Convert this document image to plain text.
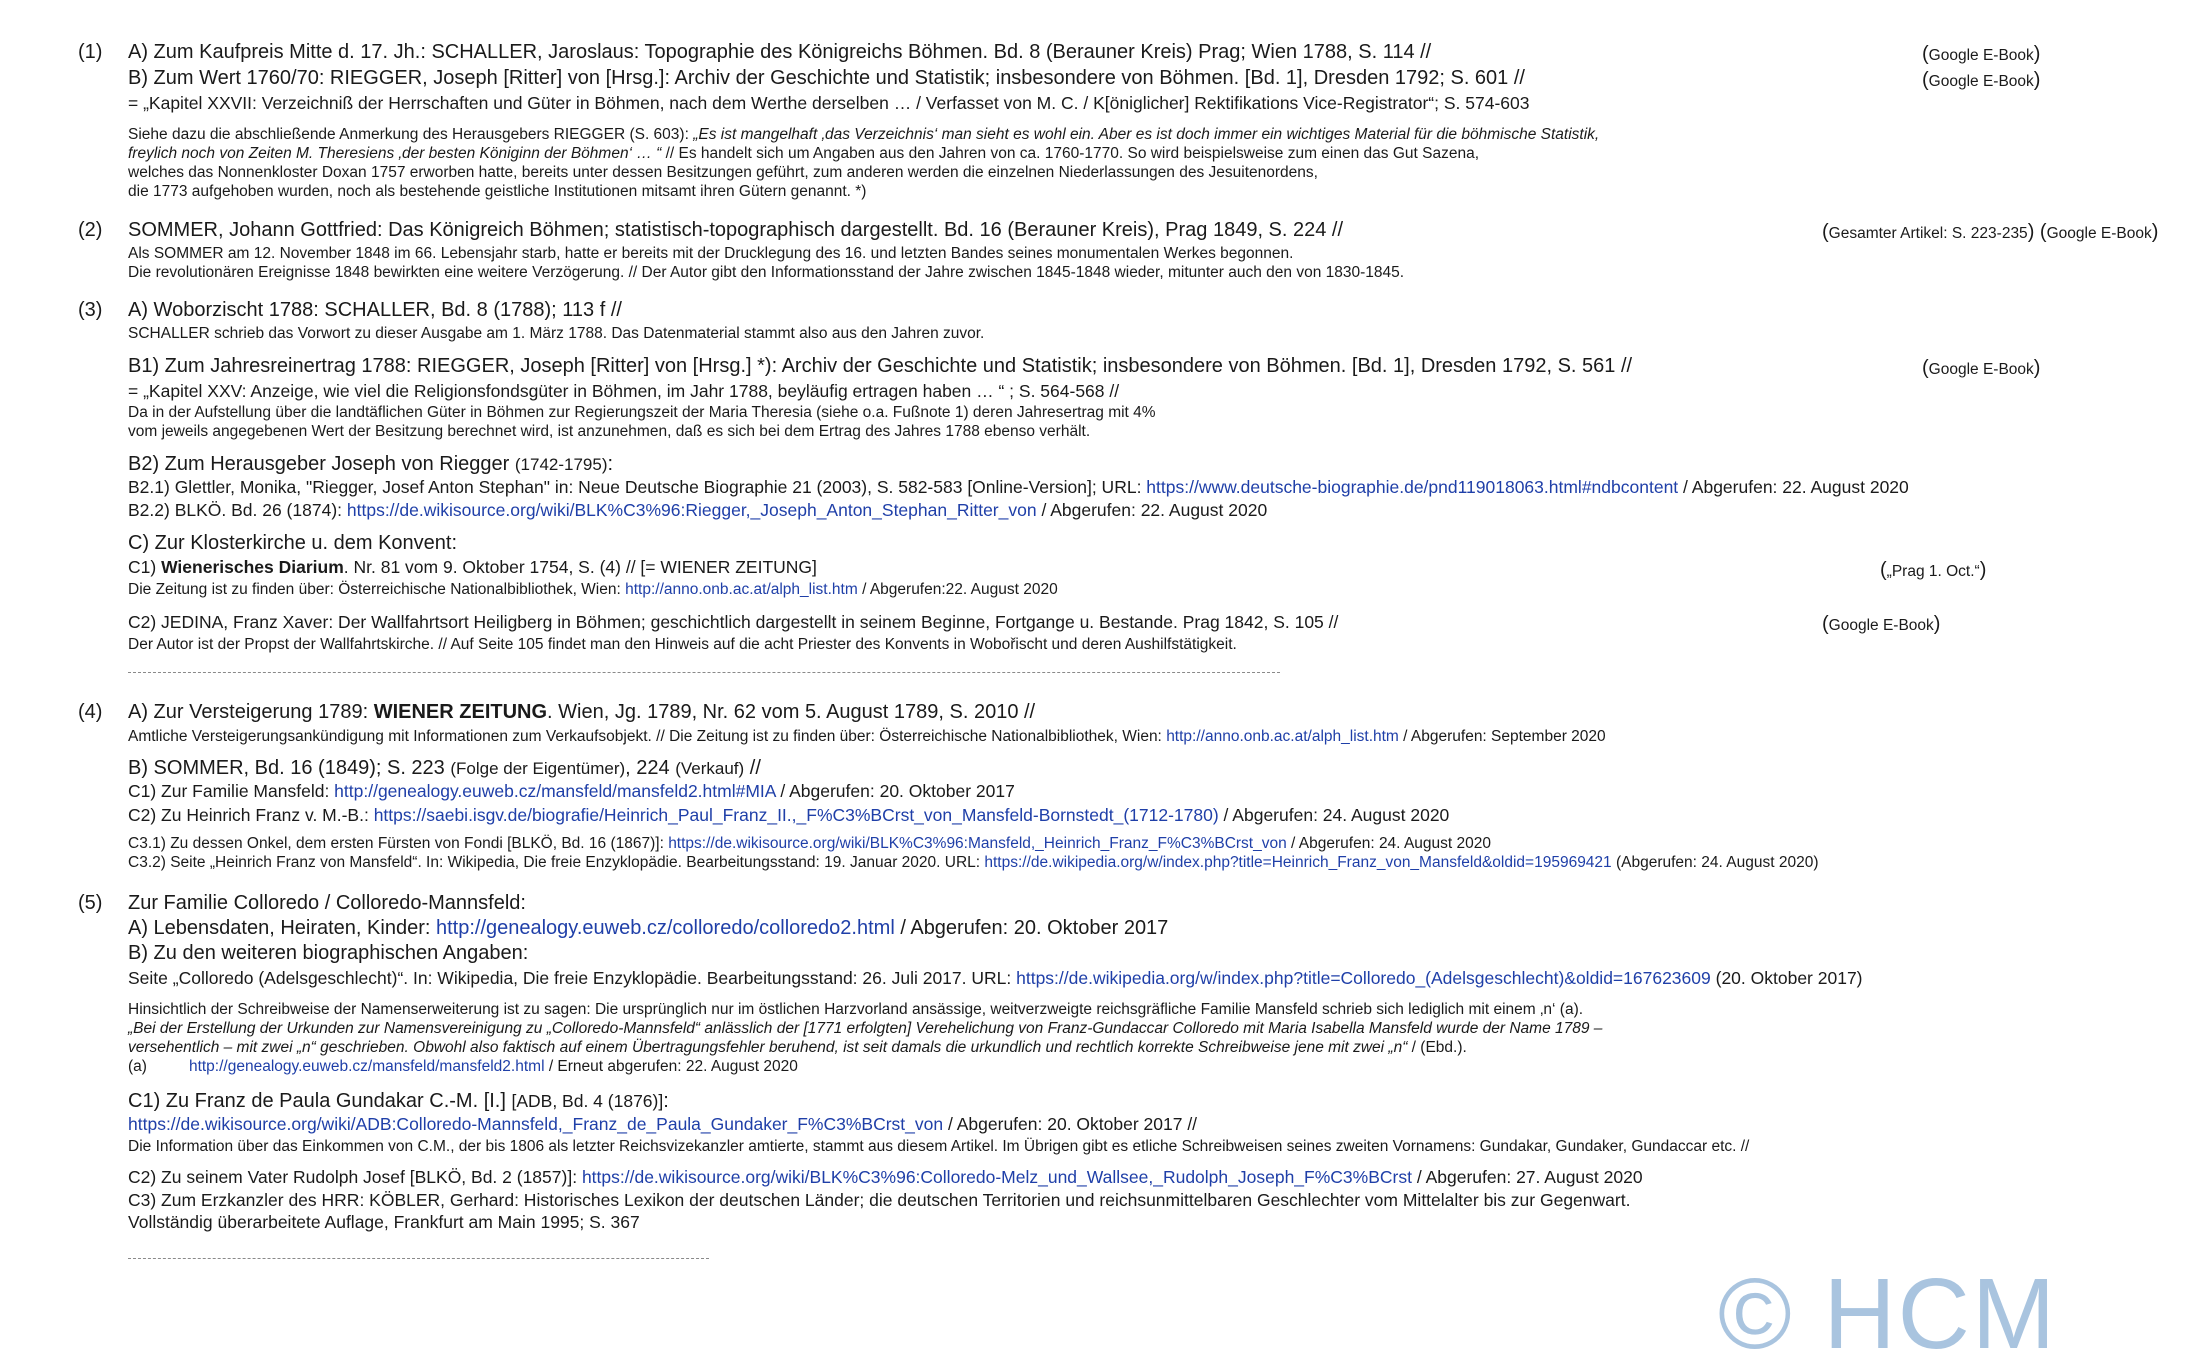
(1) A) Zum Kaufpreis Mitte d. 17. Jh.: SCHALLER, Jaroslaus: Topographie des Königreichs Böhmen. Bd. 8 (Berauner Kreis) Prag; Wien 1788, S. 114 //	(Google E-Book)
B) Zum Wert 1760/70: RIEGGER, Joseph [Ritter] von [Hrsg.]: Archiv der Geschichte und Statistik; insbesondere von Böhmen. [Bd. 1], Dresden 1792; S. 601 //	(Google E-Book)
= „Kapitel XXVII: Verzeichniß der Herrschaften und Güter in Böhmen, nach dem Werthe derselben … / Verfasset von M. C. / K[öniglicher] Rektifikations Vice-Registrator“; S. 574-603
Siehe dazu die abschließende Anmerkung des Herausgebers RIEGGER (S. 603): „Es ist mangelhaft ‚das Verzeichnis‘ man sieht es wohl ein. Aber es ist doch immer ein wichtiges Material für die böhmische Statistik,
freylich noch von Zeiten M. Theresiens ‚der besten Königinn der Böhmen‘ … “ // Es handelt sich um Angaben aus den Jahren von ca. 1760-1770. So wird beispielsweise zum einen das Gut Sazena,
welches das Nonnenkloster Doxan 1757 erworben hatte, bereits unter dessen Besitzungen geführt, zum anderen werden die einzelnen Niederlassungen des Jesuitenordens,
die 1773 aufgehoben wurden, noch als bestehende geistliche Institutionen mitsamt ihren Gütern genannt. *)
(2) SOMMER, Johann Gottfried: Das Königreich Böhmen; statistisch-topographisch dargestellt. Bd. 16 (Berauner Kreis), Prag 1849, S. 224 //	(Gesamter Artikel: S. 223-235) (Google E-Book)
Als SOMMER am 12. November 1848 im 66. Lebensjahr starb, hatte er bereits mit der Drucklegung des 16. und letzten Bandes seines monumentalen Werkes begonnen.
Die revolutionären Ereignisse 1848 bewirkten eine weitere Verzögerung. // Der Autor gibt den Informationsstand der Jahre zwischen 1845-1848 wieder, mitunter auch den von 1830-1845.
(3) A) Woborzischt 1788: SCHALLER, Bd. 8 (1788); 113 f //
SCHALLER schrieb das Vorwort zu dieser Ausgabe am 1. März 1788. Das Datenmaterial stammt also aus den Jahren zuvor.
B1) Zum Jahresreinertrag 1788: RIEGGER, Joseph [Ritter] von [Hrsg.] *): Archiv der Geschichte und Statistik; insbesondere von Böhmen. [Bd. 1], Dresden 1792, S. 561 //	(Google E-Book)
= „Kapitel XXV: Anzeige, wie viel die Religionsfondsgüter in Böhmen, im Jahr 1788, beyläufig ertragen haben … “ ; S. 564-568 //
Da in der Aufstellung über die landtäflichen Güter in Böhmen zur Regierungszeit der Maria Theresia (siehe o.a. Fußnote 1) deren Jahresertrag mit 4%
vom jeweils angegebenen Wert der Besitzung berechnet wird, ist anzunehmen, daß es sich bei dem Ertrag des Jahres 1788 ebenso verhält.
B2) Zum Herausgeber Joseph von Riegger (1742-1795):
B2.1) Glettler, Monika, "Riegger, Josef Anton Stephan" in: Neue Deutsche Biographie 21 (2003), S. 582-583 [Online-Version]; URL: https://www.deutsche-biographie.de/pnd119018063.html#ndbcontent / Abgerufen: 22. August 2020
B2.2) BLKÖ. Bd. 26 (1874): https://de.wikisource.org/wiki/BLK%C3%96:Riegger,_Joseph_Anton_Stephan_Ritter_von / Abgerufen: 22. August 2020
C) Zur Klosterkirche u. dem Konvent:
C1) Wienerisches Diarium. Nr. 81 vom 9. Oktober 1754, S. (4) // [= WIENER ZEITUNG]	(„Prag 1. Oct.“)
Die Zeitung ist zu finden über: Österreichische Nationalbibliothek, Wien: http://anno.onb.ac.at/alph_list.htm / Abgerufen:22. August 2020
C2) JEDINA, Franz Xaver: Der Wallfahrtsort Heiligberg in Böhmen; geschichtlich dargestellt in seinem Beginne, Fortgange u. Bestande. Prag 1842, S. 105 //	(Google E-Book)
Der Autor ist der Propst der Wallfahrtskirche. // Auf Seite 105 findet man den Hinweis auf die acht Priester des Konvents in Wobořischt und deren Aushilfstätigkeit.
(4) A) Zur Versteigerung 1789: WIENER ZEITUNG. Wien, Jg. 1789, Nr. 62 vom 5. August 1789, S. 2010 //
Amtliche Versteigerungsankündigung mit Informationen zum Verkaufsobjekt. // Die Zeitung ist zu finden über: Österreichische Nationalbibliothek, Wien: http://anno.onb.ac.at/alph_list.htm / Abgerufen: September 2020
B) SOMMER, Bd. 16 (1849); S. 223 (Folge der Eigentümer), 224 (Verkauf) //
C1) Zur Familie Mansfeld: http://genealogy.euweb.cz/mansfeld/mansfeld2.html#MIA / Abgerufen: 20. Oktober 2017
C2) Zu Heinrich Franz v. M.-B.: https://saebi.isgv.de/biografie/Heinrich_Paul_Franz_II.,_F%C3%BCrst_von_Mansfeld-Bornstedt_(1712-1780) / Abgerufen: 24. August 2020
C3.1) Zu dessen Onkel, dem ersten Fürsten von Fondi [BLKÖ, Bd. 16 (1867)]: https://de.wikisource.org/wiki/BLK%C3%96:Mansfeld,_Heinrich_Franz_F%C3%BCrst_von / Abgerufen: 24. August 2020
C3.2) Seite „Heinrich Franz von Mansfeld“. In: Wikipedia, Die freie Enzyklopädie. Bearbeitungsstand: 19. Januar 2020. URL: https://de.wikipedia.org/w/index.php?title=Heinrich_Franz_von_Mansfeld&oldid=195969421 (Abgerufen: 24. August 2020)
(5) Zur Familie Colloredo / Colloredo-Mannsfeld:
A) Lebensdaten, Heiraten, Kinder: http://genealogy.euweb.cz/colloredo/colloredo2.html / Abgerufen: 20. Oktober 2017
B) Zu den weiteren biographischen Angaben:
Seite „Colloredo (Adelsgeschlecht)“. In: Wikipedia, Die freie Enzyklopädie. Bearbeitungsstand: 26. Juli 2017. URL: https://de.wikipedia.org/w/index.php?title=Colloredo_(Adelsgeschlecht)&oldid=167623609 (20. Oktober 2017)
Hinsichtlich der Schreibweise der Namenserweiterung ist zu sagen: Die ursprünglich nur im östlichen Harzvorland ansässige, weitverzweigte reichsgräfliche Familie Mansfeld schrieb sich lediglich mit einem ‚n‘ (a).
„Bei der Erstellung der Urkunden zur Namensvereinigung zu „Colloredo-Mannsfeld“ anlässlich der [1771 erfolgten] Verehelichung von Franz-Gundaccar Colloredo mit Maria Isabella Mansfeld wurde der Name 1789 –
versehentlich – mit zwei „n“ geschrieben. Obwohl also faktisch auf einem Übertragungsfehler beruhend, ist seit damals die urkundlich und rechtlich korrekte Schreibweise jene mit zwei „n“ / (Ebd.).
(a)	http://genealogy.euweb.cz/mansfeld/mansfeld2.html / Erneut abgerufen: 22. August 2020
C1) Zu Franz de Paula Gundakar C.-M. [I.] [ADB, Bd. 4 (1876)]:
https://de.wikisource.org/wiki/ADB:Colloredo-Mannsfeld,_Franz_de_Paula_Gundaker_F%C3%BCrst_von / Abgerufen: 20. Oktober 2017 //
Die Information über das Einkommen von C.M., der bis 1806 als letzter Reichsvizekanzler amtierte, stammt aus diesem Artikel. Im Übrigen gibt es etliche Schreibweisen seines zweiten Vornamens: Gundakar, Gundaker, Gundaccar etc. //
C2) Zu seinem Vater Rudolph Josef [BLKÖ, Bd. 2 (1857)]: https://de.wikisource.org/wiki/BLK%C3%96:Colloredo-Melz_und_Wallsee,_Rudolph_Joseph_F%C3%BCrst / Abgerufen: 27. August 2020
C3) Zum Erzkanzler des HRR: KÖBLER, Gerhard: Historisches Lexikon der deutschen Länder; die deutschen Territorien und reichsunmittelbaren Geschlechter vom Mittelalter bis zur Gegenwart.
Vollständig überarbeitete Auflage, Frankfurt am Main 1995; S. 367
© HCM
